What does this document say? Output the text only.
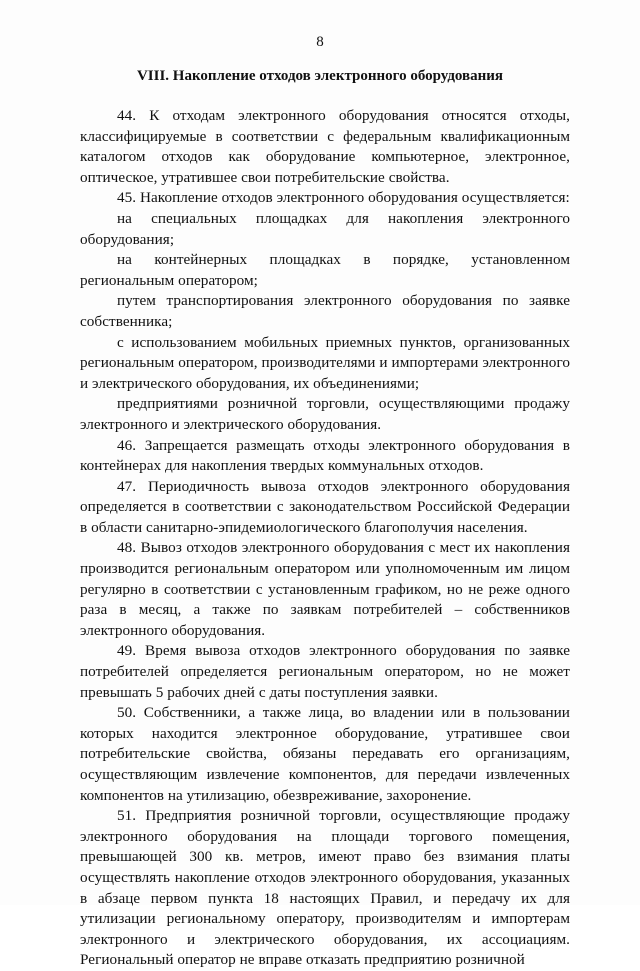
8
VIII. Накопление отходов электронного оборудования

44. К отходам электронного оборудования относятся отходы, классифицируемые в соответствии с федеральным квалификационным каталогом отходов как оборудование компьютерное, электронное, оптическое, утратившее свои потребительские свойства.

45. Накопление отходов электронного оборудования осуществляется:

на специальных площадках для накопления электронного оборудования;

на контейнерных площадках в порядке, установленном региональным оператором;

путем транспортирования электронного оборудования по заявке собственника;

с использованием мобильных приемных пунктов, организованных региональным оператором, производителями и импортерами электронного и электрического оборудования, их объединениями;

предприятиями розничной торговли, осуществляющими продажу электронного и электрического оборудования.

46. Запрещается размещать отходы электронного оборудования в контейнерах для накопления твердых коммунальных отходов.

47. Периодичность вывоза отходов электронного оборудования определяется в соответствии с законодательством Российской Федерации в области санитарно-эпидемиологического благополучия населения.

48. Вывоз отходов электронного оборудования с мест их накопления производится региональным оператором или уполномоченным им лицом регулярно в соответствии с установленным графиком, но не реже одного раза в месяц, а также по заявкам потребителей – собственников электронного оборудования.

49. Время вывоза отходов электронного оборудования по заявке потребителей определяется региональным оператором, но не может превышать 5 рабочих дней с даты поступления заявки.

50. Собственники, а также лица, во владении или в пользовании которых находится электронное оборудование, утратившее свои потребительские свойства, обязаны передавать его организациям, осуществляющим извлечение компонентов, для передачи извлеченных компонентов на утилизацию, обезвреживание, захоронение.

51. Предприятия розничной торговли, осуществляющие продажу электронного оборудования на площади торгового помещения, превышающей 300 кв. метров, имеют право без взимания платы осуществлять накопление отходов электронного оборудования, указанных в абзаце первом пункта 18 настоящих Правил, и передачу их для утилизации региональному оператору, производителям и импортерам электронного и электрического оборудования, их ассоциациям. Региональный оператор не вправе отказать предприятию розничной
